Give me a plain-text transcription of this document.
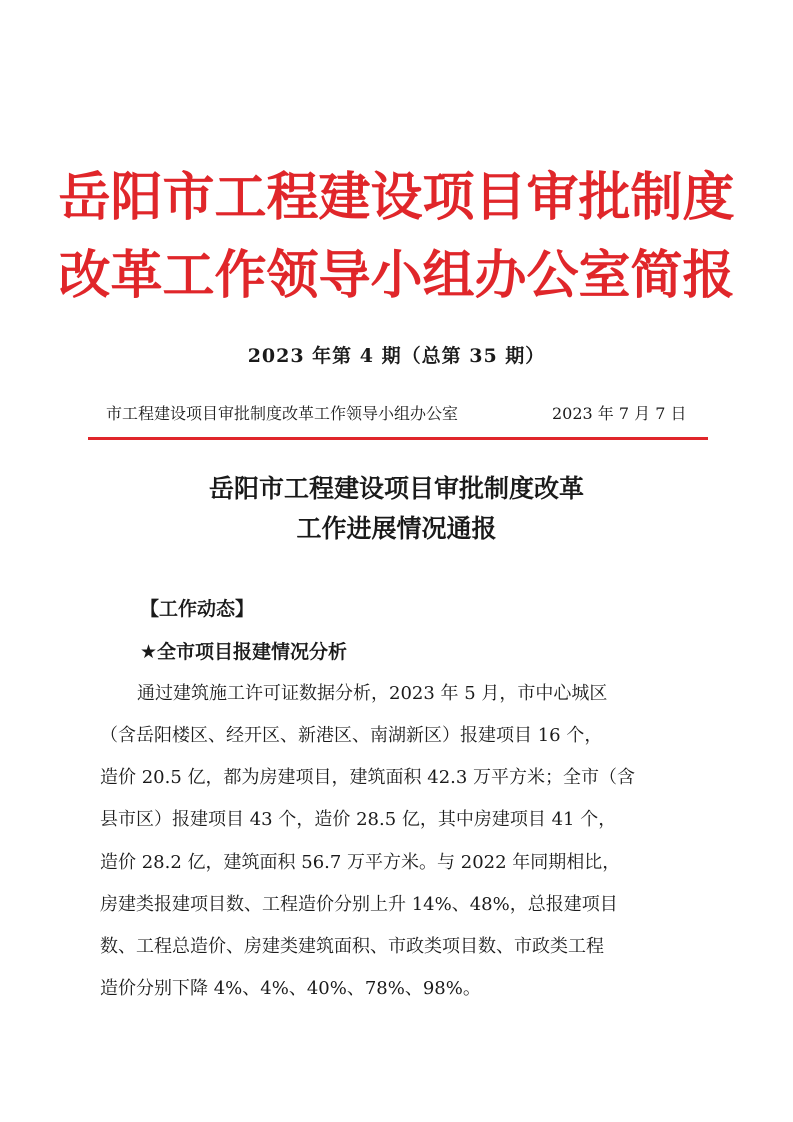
岳阳市工程建设项目审批制度
改革工作领导小组办公室简报
2023 年第 4 期（总第 35 期）
市工程建设项目审批制度改革工作领导小组办公室	2023 年 7 月 7 日
岳阳市工程建设项目审批制度改革
工作进展情况通报
【工作动态】
★全市项目报建情况分析
通过建筑施工许可证数据分析，2023 年 5 月，市中心城区
（含岳阳楼区、经开区、新港区、南湖新区）报建项目 16 个，
造价 20.5 亿，都为房建项目，建筑面积 42.3 万平方米；全市（含
县市区）报建项目 43 个，造价 28.5 亿，其中房建项目 41 个，
造价 28.2 亿，建筑面积 56.7 万平方米。与 2022 年同期相比，
房建类报建项目数、工程造价分别上升 14%、48%，总报建项目
数、工程总造价、房建类建筑面积、市政类项目数、市政类工程
造价分别下降 4%、4%、40%、78%、98%。
